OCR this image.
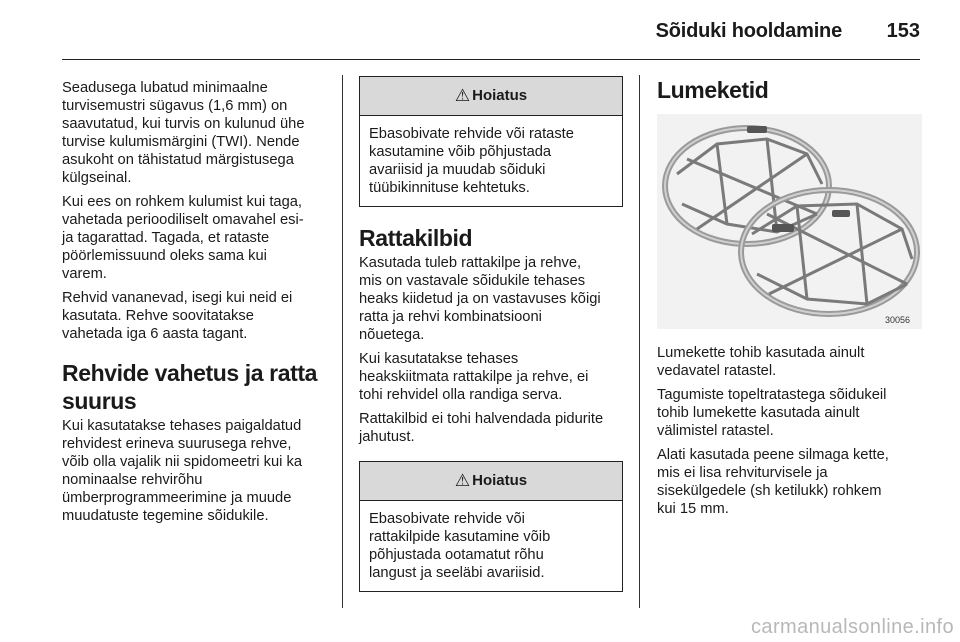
Sõiduki hooldamine 153

Seadusega lubatud minimaalne
turvisemustri sügavus (1,6 mm) on
saavutatud, kui turvis on kulunud ühe
turvise kulumismärgini (TWI). Nende
asukoht on tähistatud märgistusega
külgseinal.

Kui ees on rohkem kulumist kui taga,
vahetada perioodiliselt omavahel esi-
ja tagarattad. Tagada, et rataste
pöörlemissuund oleks sama kui
varem.

Rehvid vananevad, isegi kui neid ei
kasutata. Rehve soovitatakse
vahetada iga 6 aasta tagant.

Rehvide vahetus ja ratta
suurus

Kui kasutatakse tehases paigaldatud
rehvidest erineva suurusega rehve,
võib olla vajalik nii spidomeetri kui ka
nominaalse rehvirõhu
ümberprogrammeerimine ja muude
muudatuste tegemine sõidukile.

⚠ Hoiatus
Ebasobivate rehvide või rataste
kasutamine võib põhjustada
avariisid ja muudab sõiduki
tüübikinnituse kehtetuks.
Rattakilbid

Kasutada tuleb rattakilpe ja rehve,
mis on vastavale sõidukile tehases
heaks kiidetud ja on vastavuses kõigi
ratta ja rehvi kombinatsiooni
nõuetega.

Kui kasutatakse tehases
heakskiitmata rattakilpe ja rehve, ei
tohi rehvidel olla randiga serva.

Rattakilbid ei tohi halvendada pidurite
jahutust.

⚠ Hoiatus
Ebasobivate rehvide või
rattakilpide kasutamine võib
põhjustada ootamatut rõhu
langust ja seeläbi avariisid.
Lumeketid
30056

Lumekette tohib kasutada ainult
vedavatel ratastel.

Tagumiste topeltratastega sõidukeil
tohib lumekette kasutada ainult
välimistel ratastel.

Alati kasutada peene silmaga kette,
mis ei lisa rehviturvisele ja
sisekülgedele (sh ketilukk) rohkem
kui 15 mm.

carmanualsonline.info
